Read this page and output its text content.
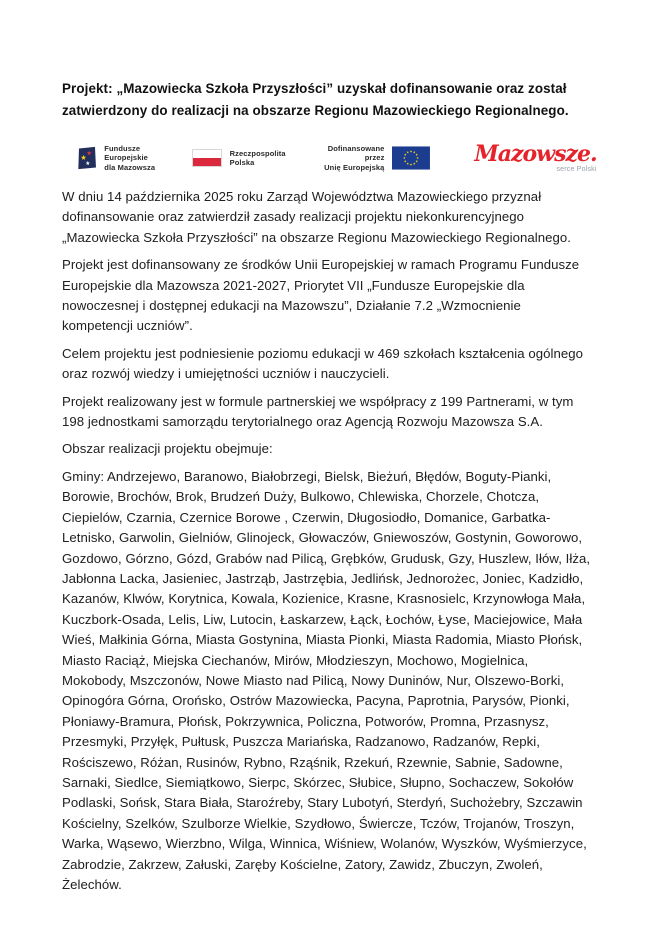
Projekt: „Mazowiecka Szkoła Przyszłości” uzyskał dofinansowanie oraz został zatwierdzony do realizacji na obszarze Regionu Mazowieckiego Regionalnego.
Fundusze Europejskie
dla Mazowsza
Rzeczpospolita
Polska
Dofinansowane przez
Unię Europejską
Mazowsze.
serce Polski

W dniu 14 października 2025 roku Zarząd Województwa Mazowieckiego przyznał dofinansowanie oraz zatwierdził zasady realizacji projektu niekonkurencyjnego „Mazowiecka Szkoła Przyszłości” na obszarze Regionu Mazowieckiego Regionalnego.

Projekt jest dofinansowany ze środków Unii Europejskiej w ramach Programu Fundusze Europejskie dla Mazowsza 2021-2027, Priorytet VII „Fundusze Europejskie dla nowoczesnej i dostępnej edukacji na Mazowszu”, Działanie 7.2 „Wzmocnienie kompetencji uczniów”.

Celem projektu jest podniesienie poziomu edukacji w 469 szkołach kształcenia ogólnego oraz rozwój wiedzy i umiejętności uczniów i nauczycieli.

Projekt realizowany jest w formule partnerskiej we współpracy z 199 Partnerami, w tym 198 jednostkami samorządu terytorialnego oraz Agencją Rozwoju Mazowsza S.A.

Obszar realizacji projektu obejmuje:

Gminy: Andrzejewo, Baranowo, Białobrzegi, Bielsk, Bieżuń, Błędów, Boguty-Pianki, Borowie, Brochów, Brok, Brudzeń Duży, Bulkowo, Chlewiska, Chorzele, Chotcza, Ciepielów, Czarnia, Czernice Borowe , Czerwin, Długosiodło, Domanice, Garbatka-Letnisko, Garwolin, Gielniów, Glinojeck, Głowaczów, Gniewoszów, Gostynin, Goworowo, Gozdowo, Górzno, Gózd, Grabów nad Pilicą, Grębków, Grudusk, Gzy, Huszlew, Iłów, Iłża, Jabłonna Lacka, Jasieniec, Jastrząb, Jastrzębia, Jedlińsk, Jednorożec, Joniec, Kadzidło, Kazanów, Klwów, Korytnica, Kowala, Kozienice, Krasne, Krasnosielc, Krzynowłoga Mała, Kuczbork-Osada, Lelis, Liw, Lutocin, Łaskarzew, Łąck, Łochów, Łyse, Maciejowice, Mała Wieś, Małkinia Górna, Miasta Gostynina, Miasta Pionki, Miasta Radomia, Miasto Płońsk, Miasto Raciąż, Miejska Ciechanów, Mirów, Młodzieszyn, Mochowo, Mogielnica, Mokobody, Mszczonów, Nowe Miasto nad Pilicą, Nowy Duninów, Nur, Olszewo-Borki, Opinogóra Górna, Orońsko, Ostrów Mazowiecka, Pacyna, Paprotnia, Parysów, Pionki, Płoniawy-Bramura, Płońsk, Pokrzywnica, Policzna, Potworów, Promna, Przasnysz, Przesmyki, Przyłęk, Pułtusk, Puszcza Mariańska, Radzanowo, Radzanów, Repki, Rościszewo, Różan, Rusinów, Rybno, Rząśnik, Rzekuń, Rzewnie, Sabnie, Sadowne, Sarnaki, Siedlce, Siemiątkowo, Sierpc, Skórzec, Słubice, Słupno, Sochaczew, Sokołów Podlaski, Sońsk, Stara Biała, Staroźreby, Stary Lubotyń, Sterdyń, Suchożebry, Szczawin Kościelny, Szelków, Szulborze Wielkie, Szydłowo, Świercze, Tczów, Trojanów, Troszyn, Warka, Wąsewo, Wierzbno, Wilga, Winnica, Wiśniew, Wolanów, Wyszków, Wyśmierzyce, Zabrodzie, Zakrzew, Załuski, Zaręby Kościelne, Zatory, Zawidz, Zbuczyn, Zwoleń, Żelechów.
